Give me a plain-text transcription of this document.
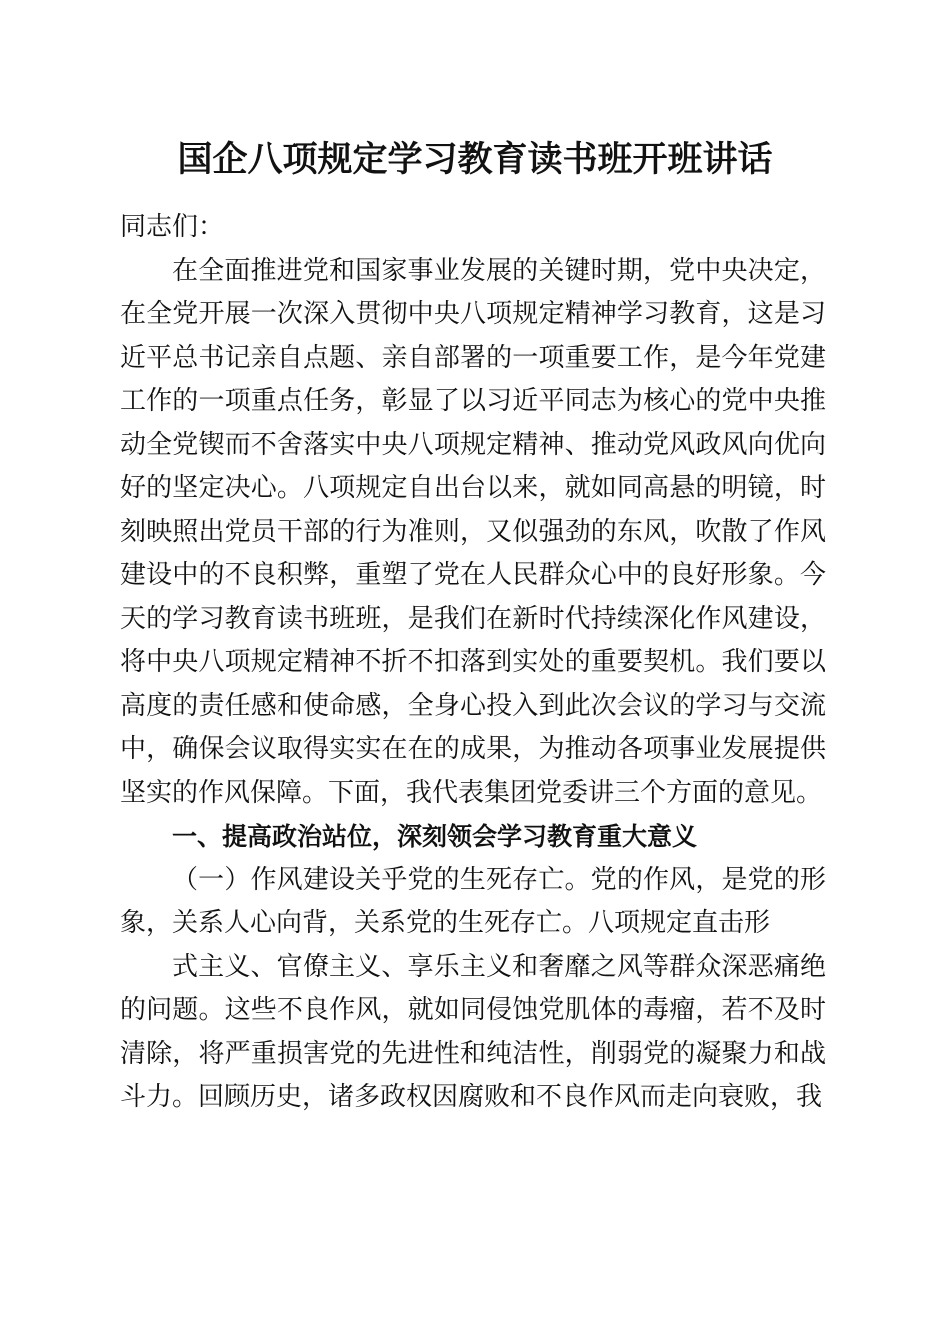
国企八项规定学习教育读书班开班讲话

同志们：

在全面推进党和国家事业发展的关键时期，党中央决定，在全党开展一次深入贯彻中央八项规定精神学习教育，这是习近平总书记亲自点题、亲自部署的一项重要工作，是今年党建工作的一项重点任务，彰显了以习近平同志为核心的党中央推动全党锲而不舍落实中央八项规定精神、推动党风政风向优向好的坚定决心。八项规定自出台以来，就如同高悬的明镜，时刻映照出党员干部的行为准则，又似强劲的东风，吹散了作风建设中的不良积弊，重塑了党在人民群众心中的良好形象。今天的学习教育读书班班，是我们在新时代持续深化作风建设，将中央八项规定精神不折不扣落到实处的重要契机。我们要以高度的责任感和使命感，全身心投入到此次会议的学习与交流中，确保会议取得实实在在的成果，为推动各项事业发展提供坚实的作风保障。下面，我代表集团党委讲三个方面的意见。

一、提高政治站位，深刻领会学习教育重大意义

（一）作风建设关乎党的生死存亡。党的作风，是党的形象，关系人心向背，关系党的生死存亡。八项规定直击形

式主义、官僚主义、享乐主义和奢靡之风等群众深恶痛绝的问题。这些不良作风，就如同侵蚀党肌体的毒瘤，若不及时清除，将严重损害党的先进性和纯洁性，削弱党的凝聚力和战斗力。回顾历史，诸多政权因腐败和不良作风而走向衰败，我
